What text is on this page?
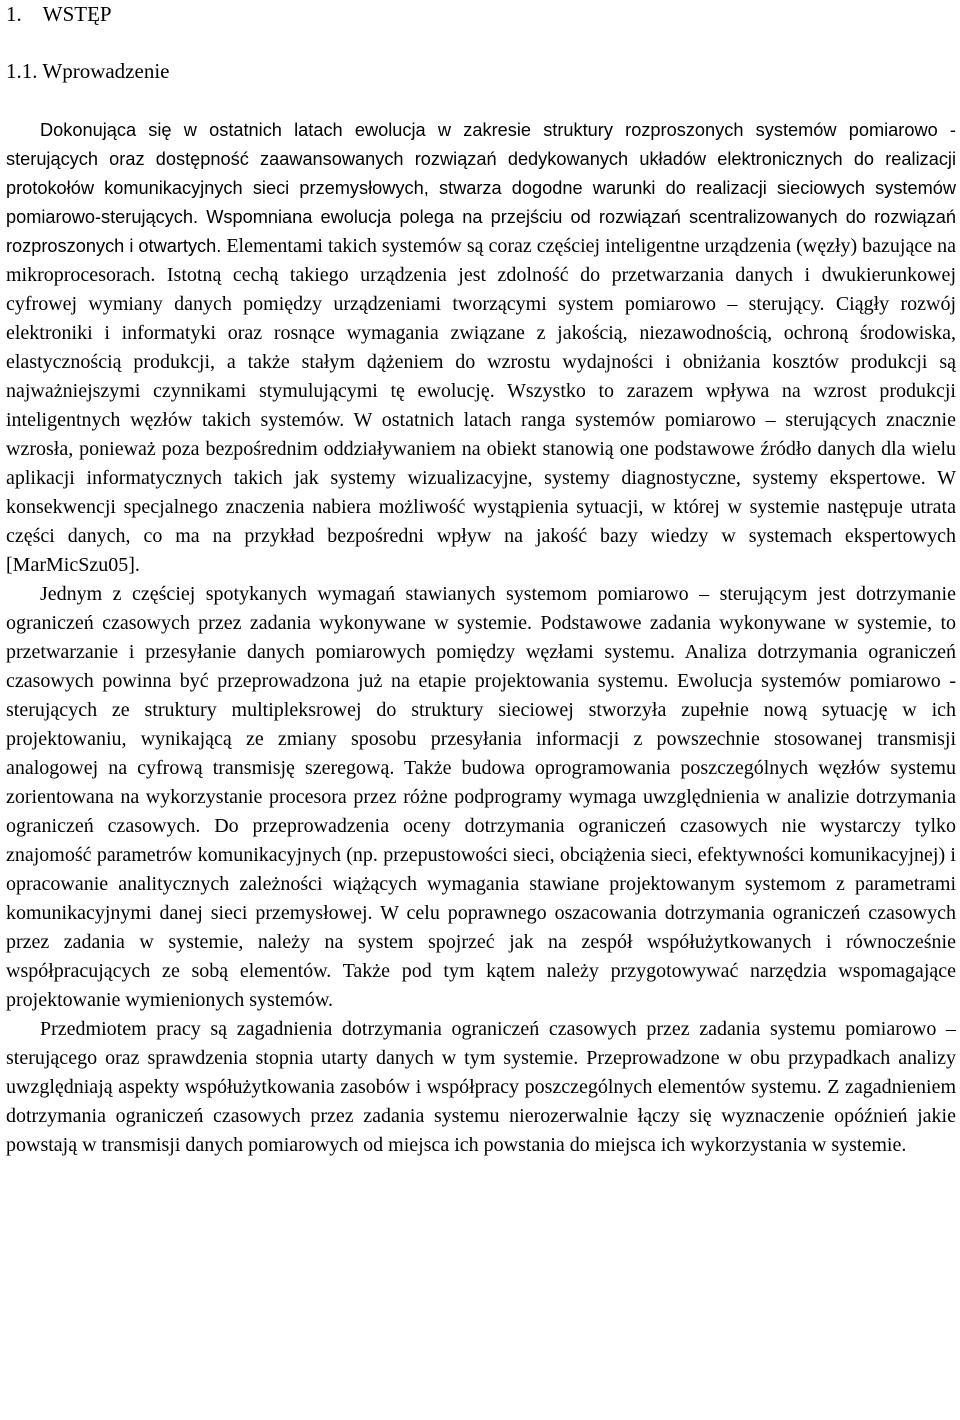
1. WSTĘP
1.1. Wprowadzenie

Dokonująca się w ostatnich latach ewolucja w zakresie struktury rozproszonych systemów pomiarowo - sterujących oraz dostępność zaawansowanych rozwiązań dedykowanych układów elektronicznych do realizacji protokołów komunikacyjnych sieci przemysłowych, stwarza dogodne warunki do realizacji sieciowych systemów pomiarowo-sterujących. Wspomniana ewolucja polega na przejściu od rozwiązań scentralizowanych do rozwiązań rozproszonych i otwartych. Elementami takich systemów są coraz częściej inteligentne urządzenia (węzły) bazujące na mikroprocesorach. Istotną cechą takiego urządzenia jest zdolność do przetwarzania danych i dwukierunkowej cyfrowej wymiany danych pomiędzy urządzeniami tworzącymi system pomiarowo – sterujący. Ciągły rozwój elektroniki i informatyki oraz rosnące wymagania związane z jakością, niezawodnością, ochroną środowiska, elastycznością produkcji, a także stałym dążeniem do wzrostu wydajności i obniżania kosztów produkcji są najważniejszymi czynnikami stymulującymi tę ewolucję. Wszystko to zarazem wpływa na wzrost produkcji inteligentnych węzłów takich systemów. W ostatnich latach ranga systemów pomiarowo – sterujących znacznie wzrosła, ponieważ poza bezpośrednim oddziaływaniem na obiekt stanowią one podstawowe źródło danych dla wielu aplikacji informatycznych takich jak systemy wizualizacyjne, systemy diagnostyczne, systemy ekspertowe. W konsekwencji specjalnego znaczenia nabiera możliwość wystąpienia sytuacji, w której w systemie następuje utrata części danych, co ma na przykład bezpośredni wpływ na jakość bazy wiedzy w systemach ekspertowych [MarMicSzu05].

Jednym z częściej spotykanych wymagań stawianych systemom pomiarowo – sterującym jest dotrzymanie ograniczeń czasowych przez zadania wykonywane w systemie. Podstawowe zadania wykonywane w systemie, to przetwarzanie i przesyłanie danych pomiarowych pomiędzy węzłami systemu. Analiza dotrzymania ograniczeń czasowych powinna być przeprowadzona już na etapie projektowania systemu. Ewolucja systemów pomiarowo - sterujących ze struktury multipleksrowej do struktury sieciowej stworzyła zupełnie nową sytuację w ich projektowaniu, wynikającą ze zmiany sposobu przesyłania informacji z powszechnie stosowanej transmisji analogowej na cyfrową transmisję szeregową. Także budowa oprogramowania poszczególnych węzłów systemu zorientowana na wykorzystanie procesora przez różne podprogramy wymaga uwzględnienia w analizie dotrzymania ograniczeń czasowych. Do przeprowadzenia oceny dotrzymania ograniczeń czasowych nie wystarczy tylko znajomość parametrów komunikacyjnych (np. przepustowości sieci, obciążenia sieci, efektywności komunikacyjnej) i opracowanie analitycznych zależności wiążących wymagania stawiane projektowanym systemom z parametrami komunikacyjnymi danej sieci przemysłowej. W celu poprawnego oszacowania dotrzymania ograniczeń czasowych przez zadania w systemie, należy na system spojrzeć jak na zespół współużytkowanych i równocześnie współpracujących ze sobą elementów. Także pod tym kątem należy przygotowywać narzędzia wspomagające projektowanie wymienionych systemów.

Przedmiotem pracy są zagadnienia dotrzymania ograniczeń czasowych przez zadania systemu pomiarowo – sterującego oraz sprawdzenia stopnia utarty danych w tym systemie. Przeprowadzone w obu przypadkach analizy uwzględniają aspekty współużytkowania zasobów i współpracy poszczególnych elementów systemu. Z zagadnieniem dotrzymania ograniczeń czasowych przez zadania systemu nierozerwalnie łączy się wyznaczenie opóźnień jakie powstają w transmisji danych pomiarowych od miejsca ich powstania do miejsca ich wykorzystania w systemie.
